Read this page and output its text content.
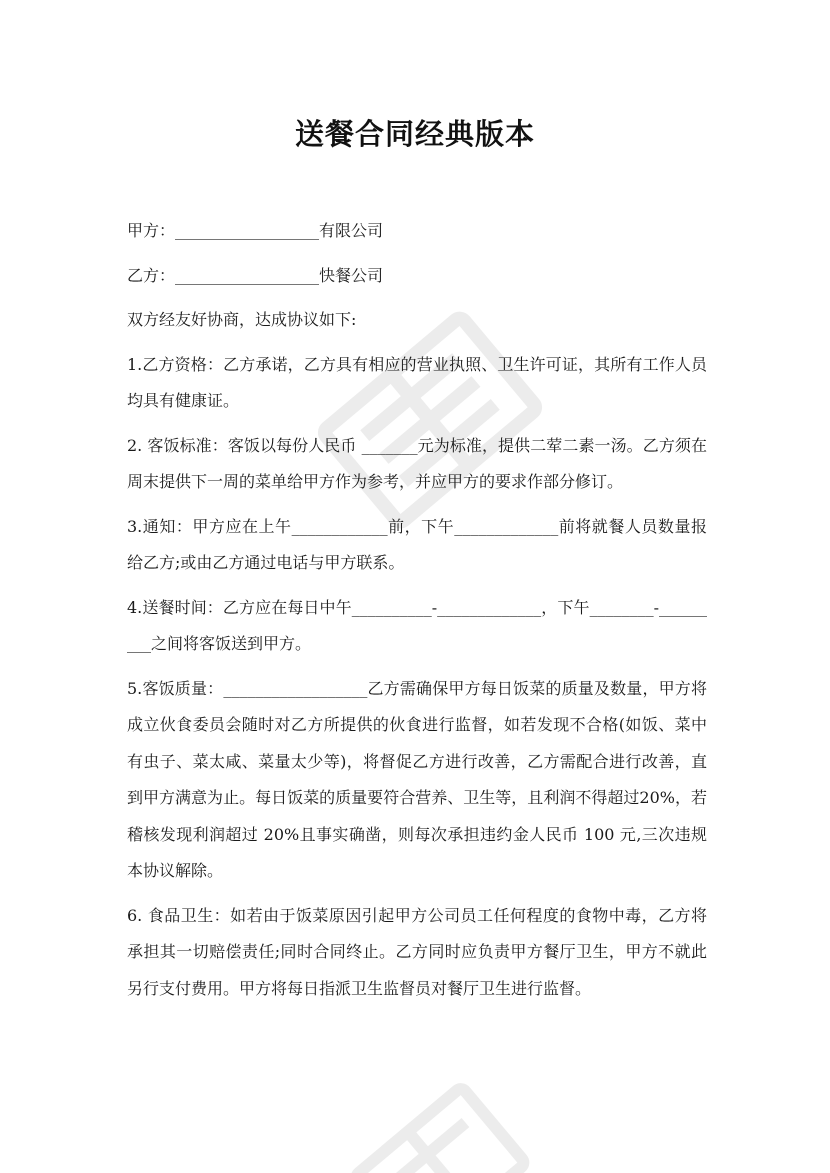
送餐合同经典版本

甲方：__________________有限公司

乙方：__________________快餐公司

双方经友好协商，达成协议如下:

1.乙方资格：乙方承诺，乙方具有相应的营业执照、卫生许可证，其所有工作人员均具有健康证。

2. 客饭标准：客饭以每份人民币 _______元为标准，提供二荤二素一汤。乙方须在周末提供下一周的菜单给甲方作为参考，并应甲方的要求作部分修订。

3.通知：甲方应在上午____________前，下午_____________前将就餐人员数量报给乙方;或由乙方通过电话与甲方联系。

4.送餐时间：乙方应在每日中午__________-_____________，下午________-_________之间将客饭送到甲方。

5.客饭质量：__________________乙方需确保甲方每日饭菜的质量及数量，甲方将成立伙食委员会随时对乙方所提供的伙食进行监督，如若发现不合格(如饭、菜中有虫子、菜太咸、菜量太少等)，将督促乙方进行改善，乙方需配合进行改善，直到甲方满意为止。每日饭菜的质量要符合营养、卫生等，且利润不得超过20%，若稽核发现利润超过 20%且事实确凿，则每次承担违约金人民币 100 元,三次违规本协议解除。

6. 食品卫生：如若由于饭菜原因引起甲方公司员工任何程度的食物中毒，乙方将承担其一切赔偿责任;同时合同终止。乙方同时应负责甲方餐厅卫生，甲方不就此另行支付费用。甲方将每日指派卫生监督员对餐厅卫生进行监督。
